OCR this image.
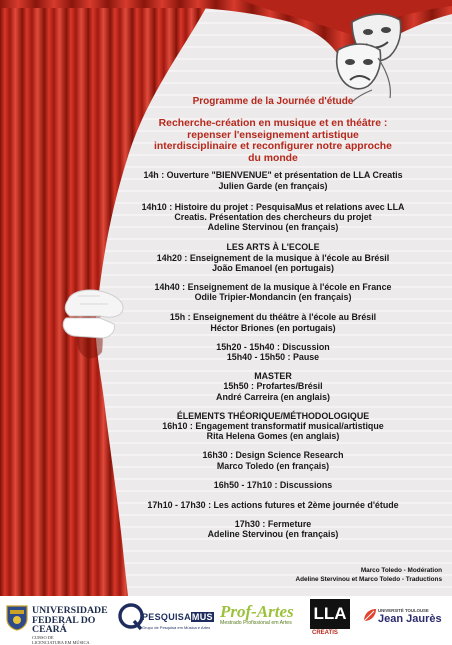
Programme de la Journée d'étude

Recherche-création en musique et en théâtre :
repenser l'enseignement artistique
interdisciplinaire et reconfigurer notre approche
du monde

14h : Ouverture "BIENVENUE" et présentation de LLA Creatis
Julien Garde (en français)
14h10 : Histoire du projet : PesquisaMus et relations avec LLA
Creatis. Présentation des chercheurs du projet
Adeline Stervinou (en français)
LES ARTS À L'ECOLE
14h20 : Enseignement de la musique à l'école au Brésil
João Emanoel (en portugais)
14h40 : Enseignement de la musique à l'école en France
Odile Tripier-Mondancin (en français)
15h : Enseignement du théâtre à l'école au Brésil
Héctor Briones (en portugais)
15h20 - 15h40 : Discussion
15h40 - 15h50 : Pause
MASTER
15h50 : Profartes/Brésil
André Carreira (en anglais)
ÉLEMENTS THÉORIQUE/MÉTHODOLOGIQUE
16h10 : Engagement transformatif musical/artistique
Rita Helena Gomes (en anglais)
16h30 : Design Science Research
Marco Toledo (en français)
16h50 - 17h10 : Discussions
17h10 - 17h30 : Les actions futures et 2ème journée d'étude
17h30 : Fermeture
Adeline Stervinou (en français)
Marco Toledo - Modération
Adeline Stervinou et Marco Toledo - Traductions
UNIVERSIDADE
FEDERAL DO CEARÁ
CURSO DE
LICENCIATURA EM MÚSICA
PESQUISAMUS
Grupo de Pesquisa em Música e Artes
Prof-Artes
Mestrado Profissional em Artes LLA
CREATIS
UNIVERSITÉ TOULOUSE
Jean Jaurès
